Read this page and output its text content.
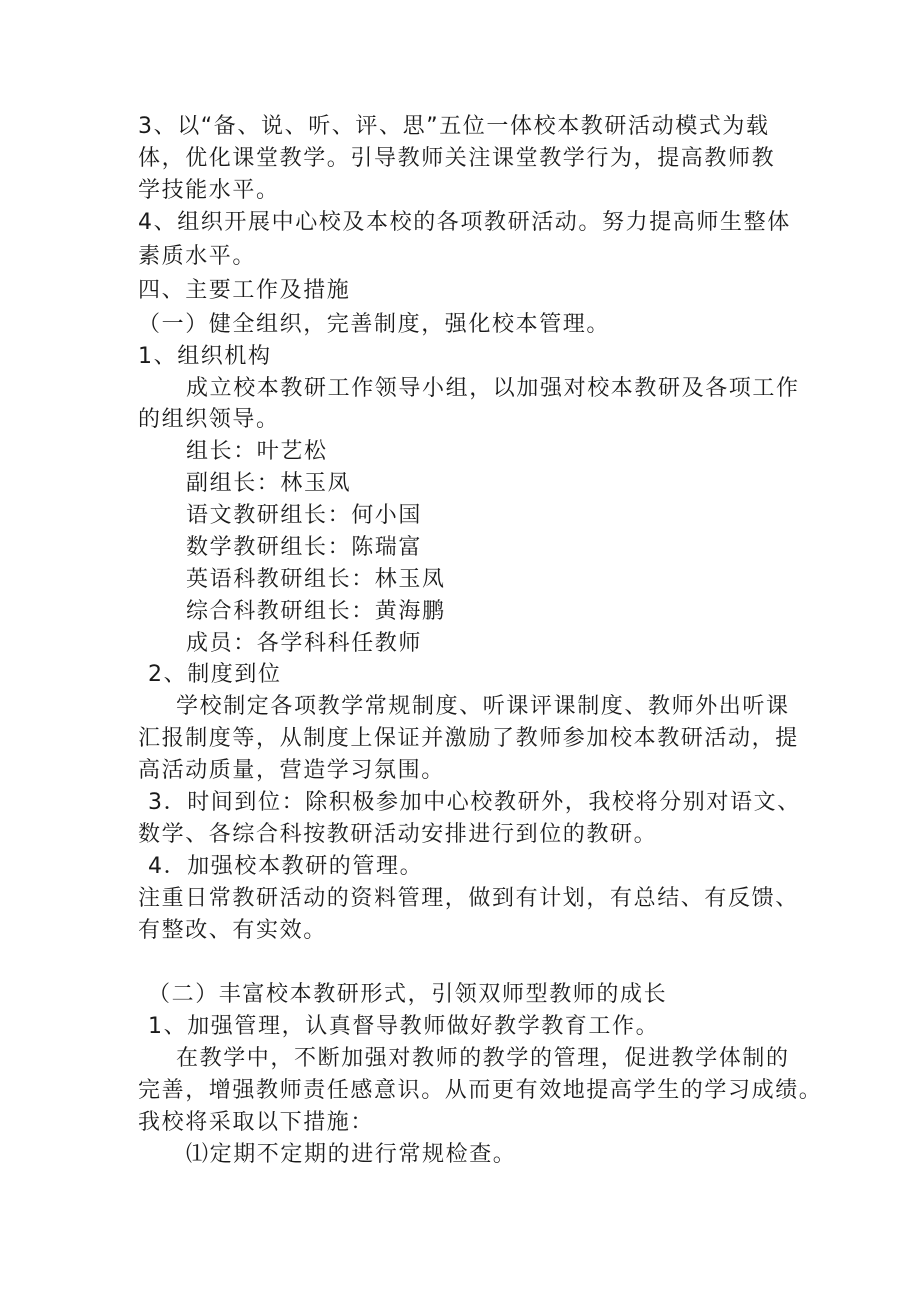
3、以“备、说、听、评、思”五位一体校本教研活动模式为载
体，优化课堂教学。引导教师关注课堂教学行为，提高教师教
学技能水平。
4、组织开展中心校及本校的各项教研活动。努力提高师生整体
素质水平。
四、主要工作及措施
（一）健全组织，完善制度，强化校本管理。
1、组织机构
成立校本教研工作领导小组，以加强对校本教研及各项工作
的组织领导。
组长：叶艺松
副组长：林玉凤
语文教研组长：何小国
数学教研组长：陈瑞富
英语科教研组长：林玉凤
综合科教研组长：黄海鹏
成员：各学科科任教师
2、制度到位
学校制定各项教学常规制度、听课评课制度、教师外出听课
汇报制度等，从制度上保证并激励了教师参加校本教研活动，提
高活动质量，营造学习氛围。
3．时间到位：除积极参加中心校教研外，我校将分别对语文、
数学、各综合科按教研活动安排进行到位的教研。
4．加强校本教研的管理。
注重日常教研活动的资料管理，做到有计划，有总结、有反馈、
有整改、有实效。
（二）丰富校本教研形式，引领双师型教师的成长
1、加强管理，认真督导教师做好教学教育工作。
在教学中，不断加强对教师的教学的管理，促进教学体制的
完善，增强教师责任感意识。从而更有效地提高学生的学习成绩。
我校将采取以下措施：
⑴定期不定期的进行常规检查。
